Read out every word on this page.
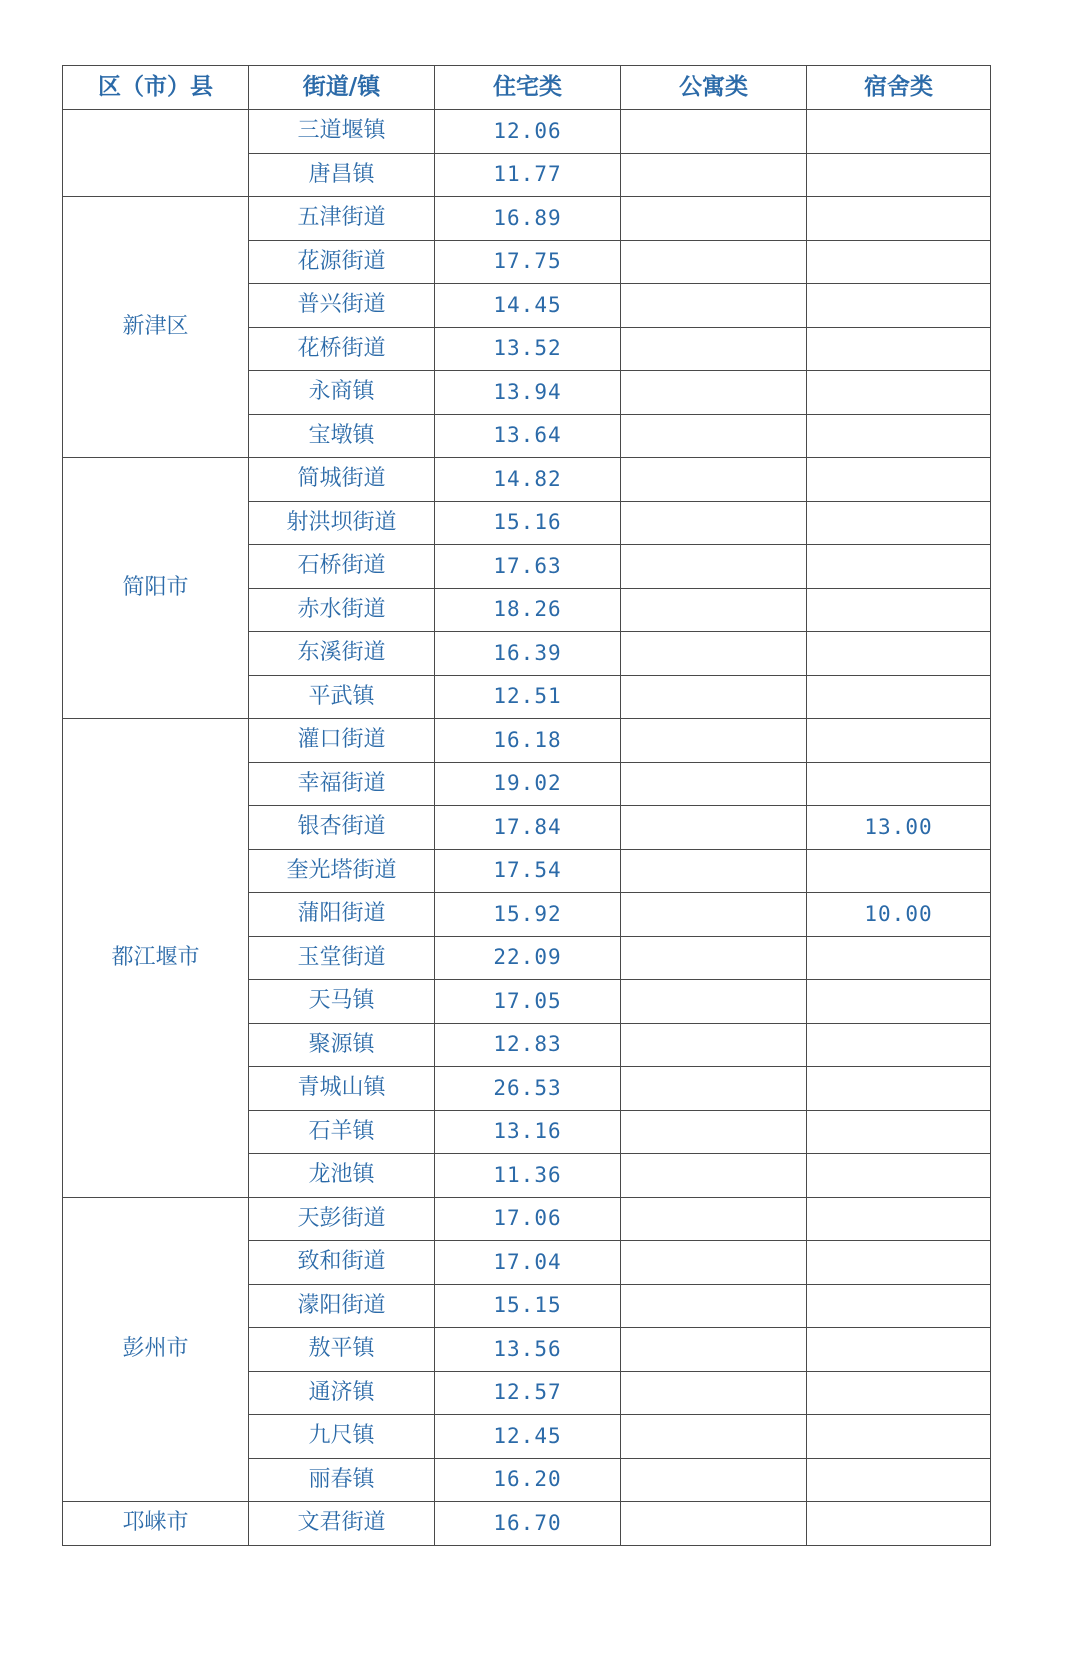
区（市）县	街道/镇	住宅类	公寓类	宿舍类
	三道堰镇	12.06		
	唐昌镇	11.77		
新津区	五津街道	16.89		
	花源街道	17.75		
	普兴街道	14.45		
	花桥街道	13.52		
	永商镇	13.94		
	宝墩镇	13.64		
简阳市	简城街道	14.82		
	射洪坝街道	15.16		
	石桥街道	17.63		
	赤水街道	18.26		
	东溪街道	16.39		
	平武镇	12.51		
都江堰市	灌口街道	16.18		
	幸福街道	19.02		
	银杏街道	17.84		13.00
	奎光塔街道	17.54		
	蒲阳街道	15.92		10.00
	玉堂街道	22.09		
	天马镇	17.05		
	聚源镇	12.83		
	青城山镇	26.53		
	石羊镇	13.16		
	龙池镇	11.36		
彭州市	天彭街道	17.06		
	致和街道	17.04		
	濛阳街道	15.15		
	敖平镇	13.56		
	通济镇	12.57		
	九尺镇	12.45		
	丽春镇	16.20		
邛崃市	文君街道	16.70		
